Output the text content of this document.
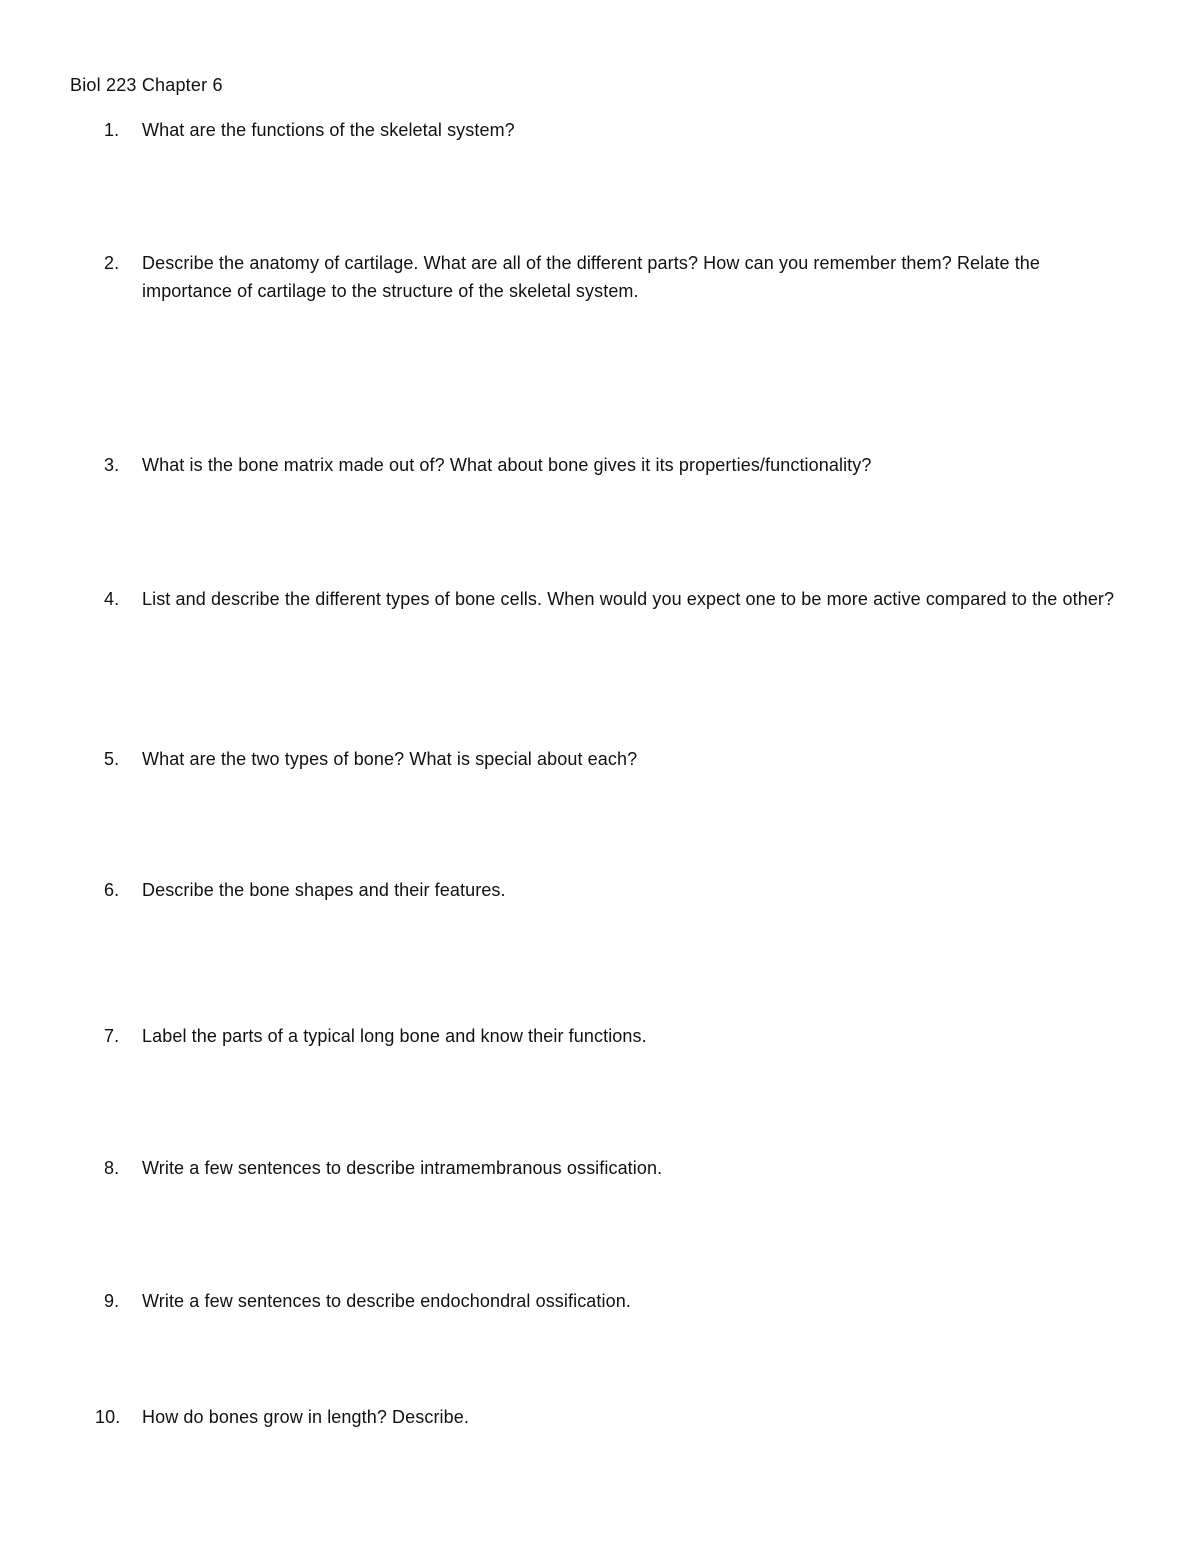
Biol 223 Chapter 6
1. What are the functions of the skeletal system?
2. Describe the anatomy of cartilage. What are all of the different parts? How can you remember them? Relate the importance of cartilage to the structure of the skeletal system.
3. What is the bone matrix made out of? What about bone gives it its properties/functionality?
4. List and describe the different types of bone cells. When would you expect one to be more active compared to the other?
5. What are the two types of bone? What is special about each?
6. Describe the bone shapes and their features.
7. Label the parts of a typical long bone and know their functions.
8. Write a few sentences to describe intramembranous ossification.
9. Write a few sentences to describe endochondral ossification.
10. How do bones grow in length? Describe.
